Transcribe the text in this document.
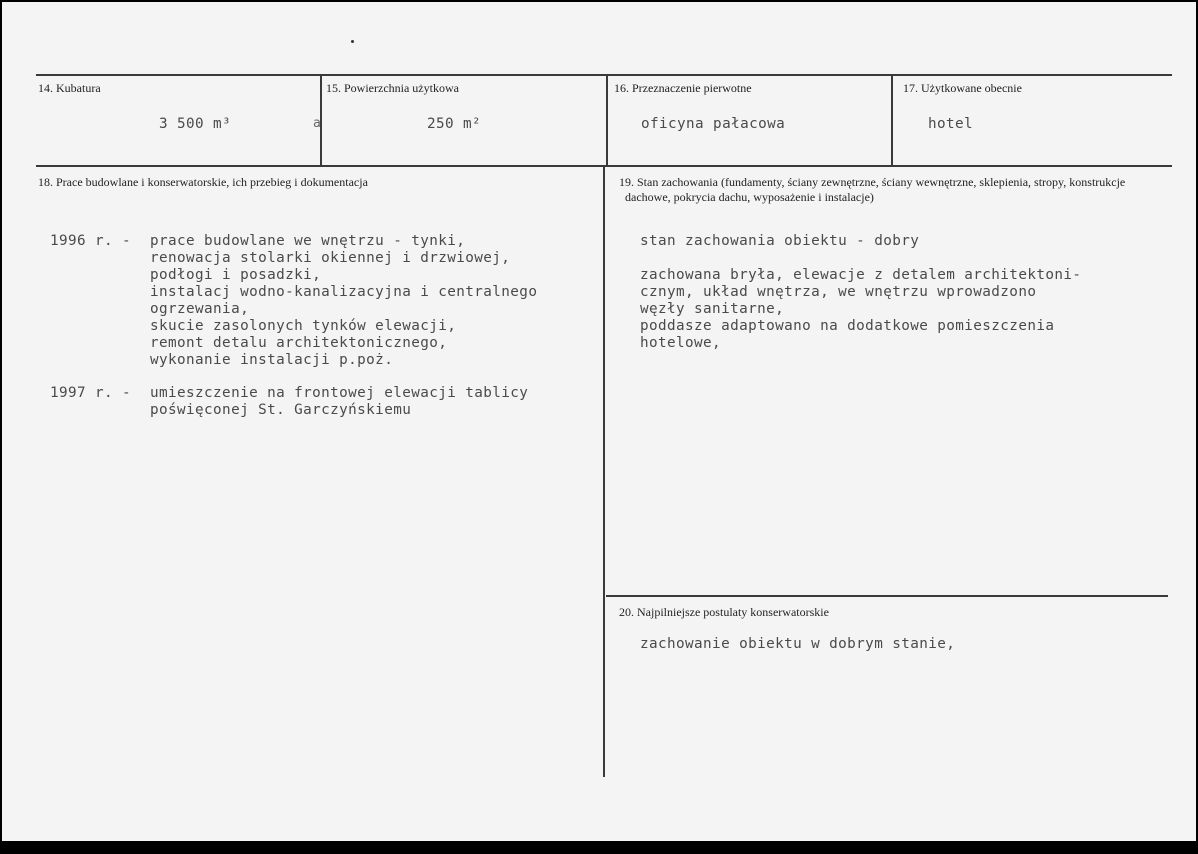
14. Kubatura
3 500 m³	a
15. Powierzchnia użytkowa
250 m²
16. Przeznaczenie pierwotne
oficyna pałacowa
17. Użytkowane obecnie
hotel
18. Prace budowlane i konserwatorskie, ich przebieg i dokumentacja
1996 r. - prace budowlane we wnętrzu - tynki,
renowacja stolarki okiennej i drzwiowej,
podłogi i posadzki,
instalacj wodno-kanalizacyjna i centralnego
ogrzewania,
skucie zasolonych tynków elewacji,
remont detalu architektonicznego,
wykonanie instalacji p.poż.
1997 r. - umieszczenie na frontowej elewacji tablicy
poświęconej St. Garczyńskiemu
19. Stan zachowania (fundamenty, ściany zewnętrzne, ściany wewnętrzne, sklepienia, stropy, konstrukcje dachowe, pokrycia dachu, wyposażenie i instalacje)
stan zachowania obiektu - dobry
zachowana bryła, elewacje z detalem architektoni-
cznym, układ wnętrza, we wnętrzu wprowadzono
węzły sanitarne,
poddasze adaptowano na dodatkowe pomieszczenia
hotelowe,
20. Najpilniejsze postulaty konserwatorskie
zachowanie obiektu w dobrym stanie,
